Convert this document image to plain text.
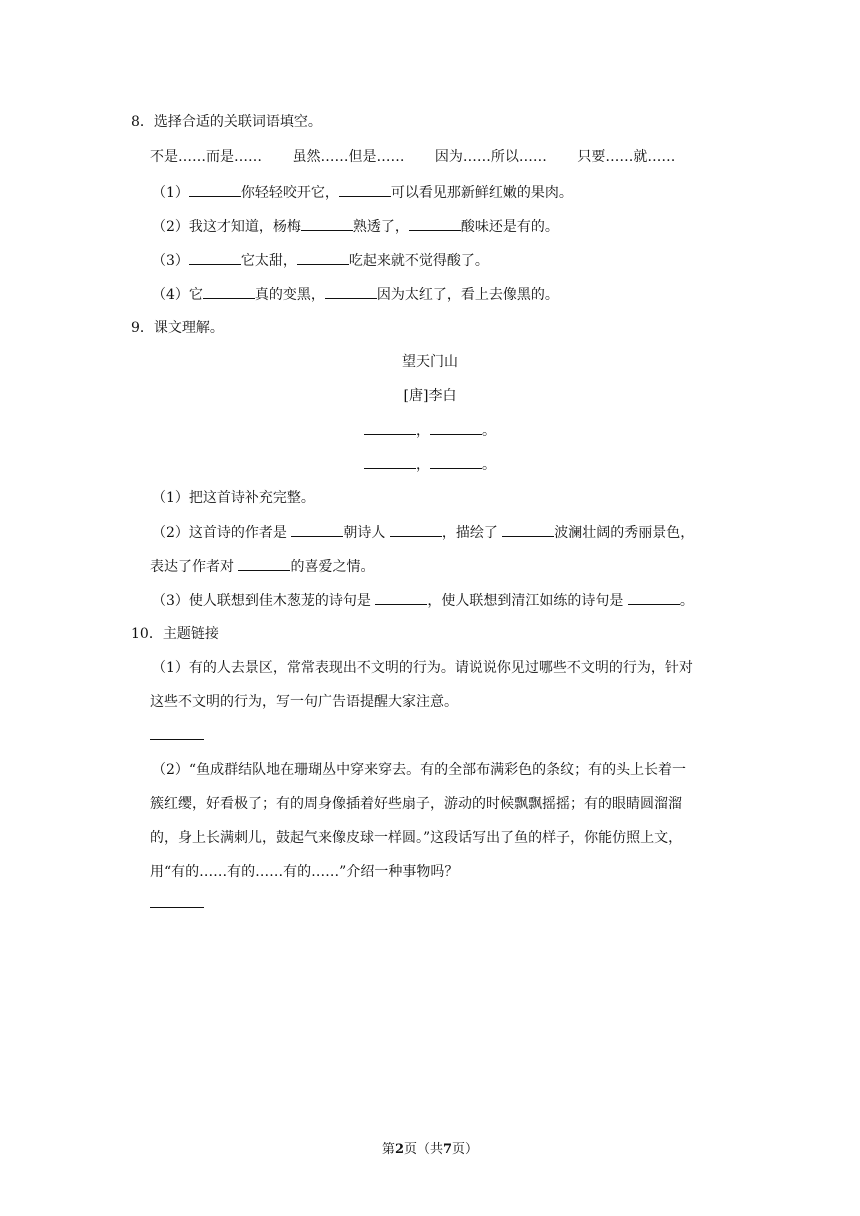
8．选择合适的关联词语填空。
不是……而是…… 虽然……但是…… 因为……所以…… 只要……就……
（1）	你轻轻咬开它，	可以看见那新鲜红嫩的果肉。
（2）我这才知道，杨梅	熟透了，	酸味还是有的。
（3）	它太甜，	吃起来就不觉得酸了。
（4）它	真的变黑，	因为太红了，看上去像黑的。
9．课文理解。
望天门山
[唐]李白
，	。
，	。
（1）把这首诗补充完整。
（2）这首诗的作者是	朝诗人	，描绘了	波澜壮阔的秀丽景色，
表达了作者对	的喜爱之情。
（3）使人联想到佳木葱茏的诗句是	，使人联想到清江如练的诗句是	。
10．主题链接
（1）有的人去景区，常常表现出不文明的行为。请说说你见过哪些不文明的行为，针对
这些不文明的行为，写一句广告语提醒大家注意。
（2）“鱼成群结队地在珊瑚丛中穿来穿去。有的全部布满彩色的条纹；有的头上长着一
簇红缨，好看极了；有的周身像插着好些扇子，游动的时候飘飘摇摇；有的眼睛圆溜溜
的，身上长满刺儿，鼓起气来像皮球一样圆。”这段话写出了鱼的样子，你能仿照上文，
用“有的……有的……有的……”介绍一种事物吗？
第2页（共7页）
